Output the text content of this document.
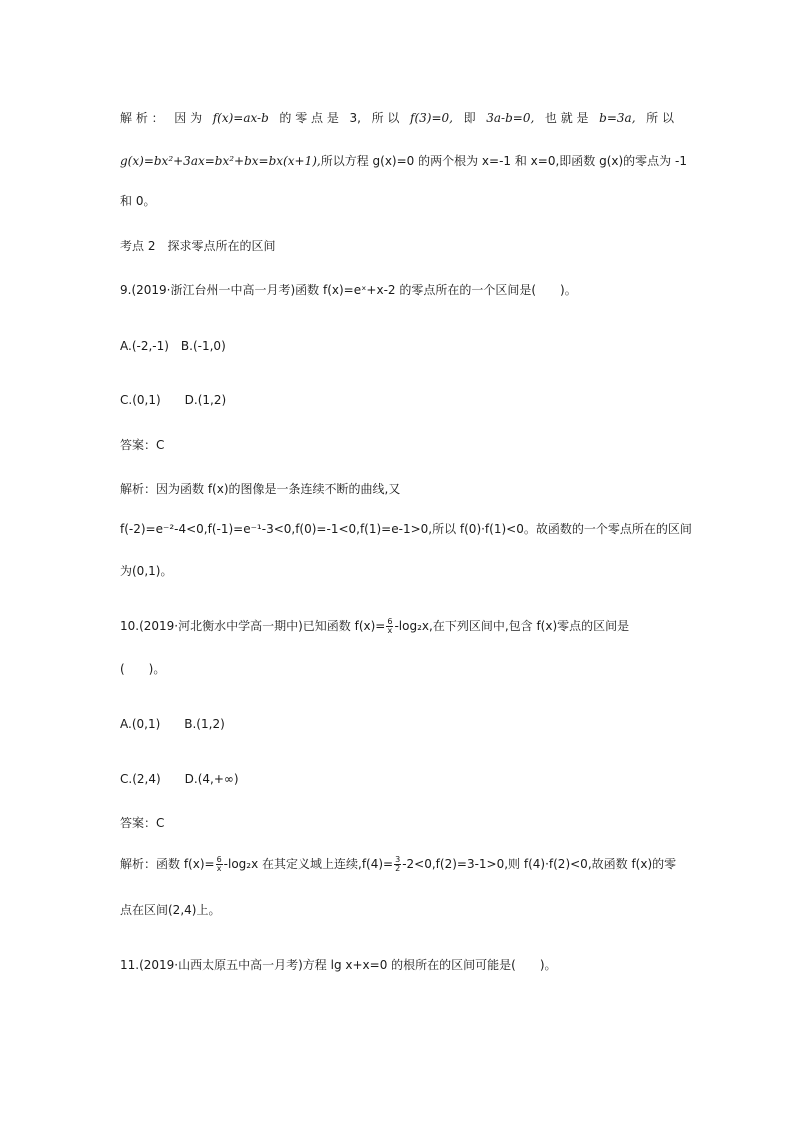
解 析 ： 因 为 f(x)=ax-b 的 零 点 是 3, 所 以 f(3)=0, 即 3a-b=0, 也 就 是 b=3a, 所 以
g(x)=bx²+3ax=bx²+bx=bx(x+1),所以方程 g(x)=0 的两个根为 x=-1 和 x=0,即函数 g(x)的零点为 -1
和 0。
考点 2　探求零点所在的区间
9.(2019·浙江台州一中高一月考)函数 f(x)=eˣ+x-2 的零点所在的一个区间是(　　)。
A.(-2,-1) B.(-1,0)
C.(0,1)  D.(1,2)
答案：C
解析：因为函数 f(x)的图像是一条连续不断的曲线,又
f(-2)=e⁻²-4<0,f(-1)=e⁻¹-3<0,f(0)=-1<0,f(1)=e-1>0,所以 f(0)·f(1)<0。故函数的一个零点所在的区间
为(0,1)。
10.(2019·河北衡水中学高一期中)已知函数 $f(x)= \frac{6}{x} -\log_2x$,在下列区间中,包含 f(x)零点的区间是
(　　)。
A.(0,1)  B.(1,2)
C.(2,4)  D.(4,+∞)
答案：C
解析：函数 $f(x)= \frac{6}{x} -\log_2x$ 在其定义域上连续$,f(4)= \frac{3}{2} -2<0,f(2)=3-1>0$,则 f(4)·f(2)<0,故函数 f(x)的零
点在区间(2,4)上。
11.(2019·山西太原五中高一月考)方程 lg x+x=0 的根所在的区间可能是(　　)。
